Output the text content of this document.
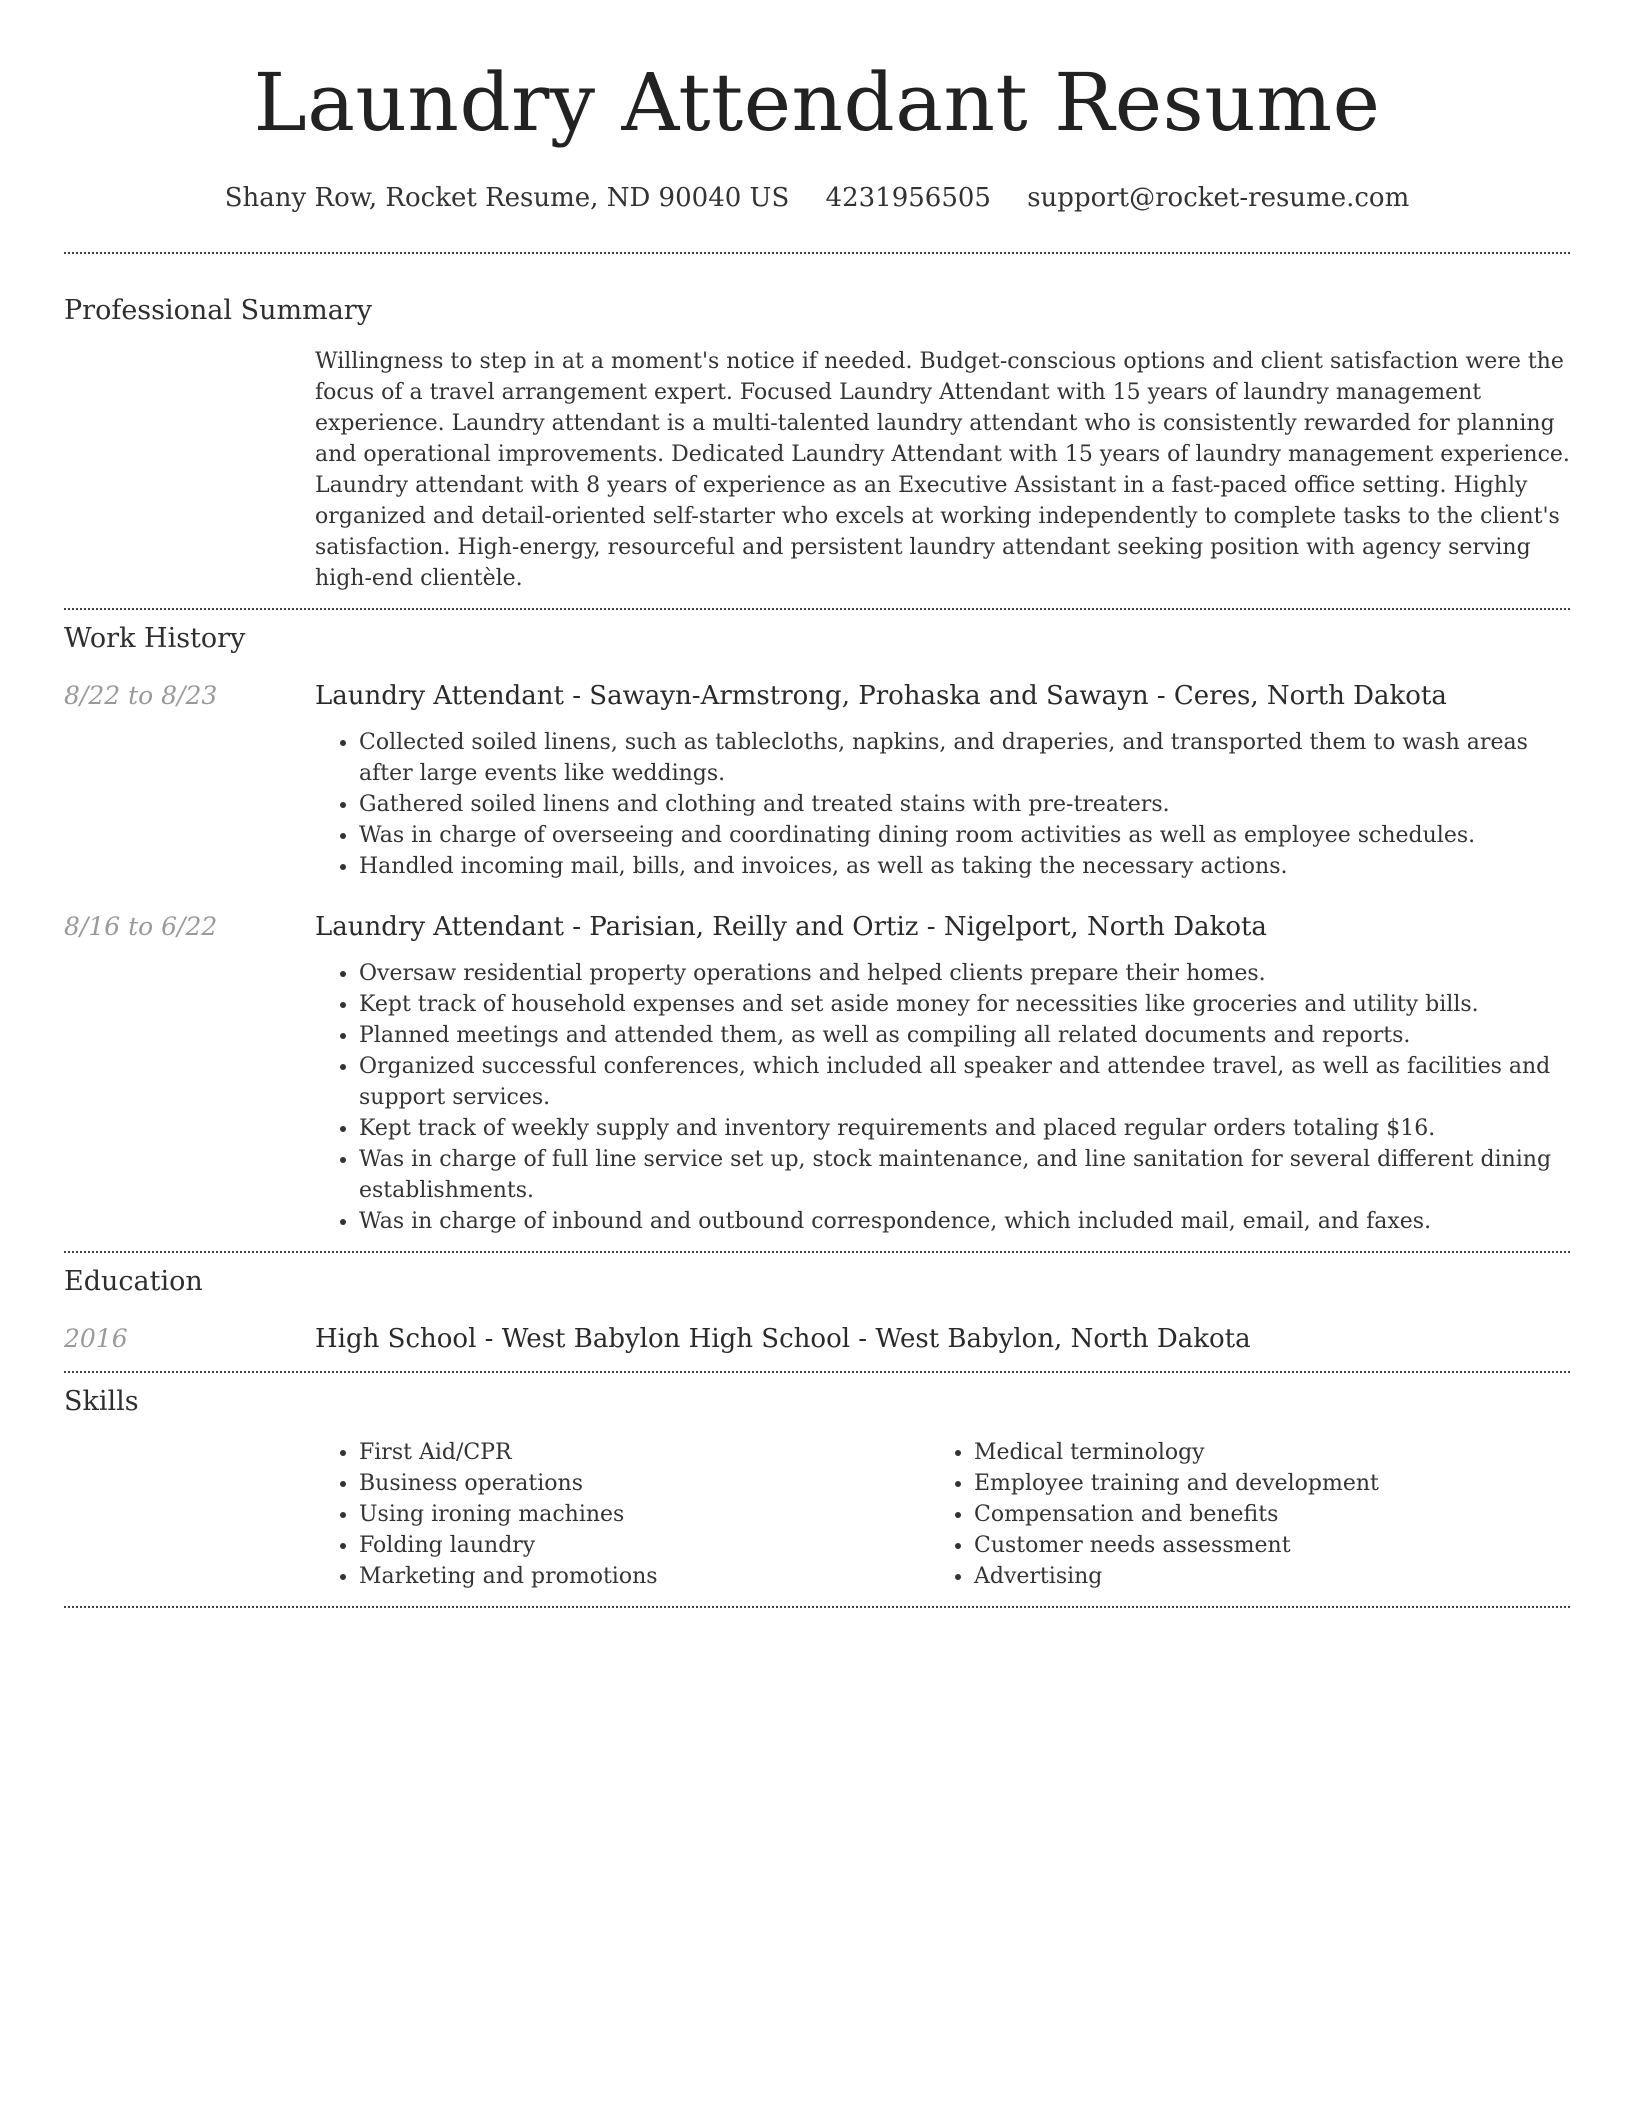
Laundry Attendant Resume
Shany Row, Rocket Resume, ND 90040 US 4231956505 support@rocket-resume.com
Professional Summary
Willingness to step in at a moment's notice if needed. Budget-conscious options and client satisfaction were the focus of a travel arrangement expert. Focused Laundry Attendant with 15 years of laundry management experience. Laundry attendant is a multi-talented laundry attendant who is consistently rewarded for planning and operational improvements. Dedicated Laundry Attendant with 15 years of laundry management experience. Laundry attendant with 8 years of experience as an Executive Assistant in a fast-paced office setting. Highly organized and detail-oriented self-starter who excels at working independently to complete tasks to the client's satisfaction. High-energy, resourceful and persistent laundry attendant seeking position with agency serving high-end clientèle.
Work History
8/22 to 8/23	Laundry Attendant - Sawayn-Armstrong, Prohaska and Sawayn - Ceres, North Dakota
• Collected soiled linens, such as tablecloths, napkins, and draperies, and transported them to wash areas after large events like weddings.
• Gathered soiled linens and clothing and treated stains with pre-treaters.
• Was in charge of overseeing and coordinating dining room activities as well as employee schedules.
• Handled incoming mail, bills, and invoices, as well as taking the necessary actions.
8/16 to 6/22	Laundry Attendant - Parisian, Reilly and Ortiz - Nigelport, North Dakota
• Oversaw residential property operations and helped clients prepare their homes.
• Kept track of household expenses and set aside money for necessities like groceries and utility bills.
• Planned meetings and attended them, as well as compiling all related documents and reports.
• Organized successful conferences, which included all speaker and attendee travel, as well as facilities and support services.
• Kept track of weekly supply and inventory requirements and placed regular orders totaling $16.
• Was in charge of full line service set up, stock maintenance, and line sanitation for several different dining establishments.
• Was in charge of inbound and outbound correspondence, which included mail, email, and faxes.
Education
2016	High School - West Babylon High School - West Babylon, North Dakota
Skills
• First Aid/CPR
• Business operations
• Using ironing machines
• Folding laundry
• Marketing and promotions
• Medical terminology
• Employee training and development
• Compensation and benefits
• Customer needs assessment
• Advertising
